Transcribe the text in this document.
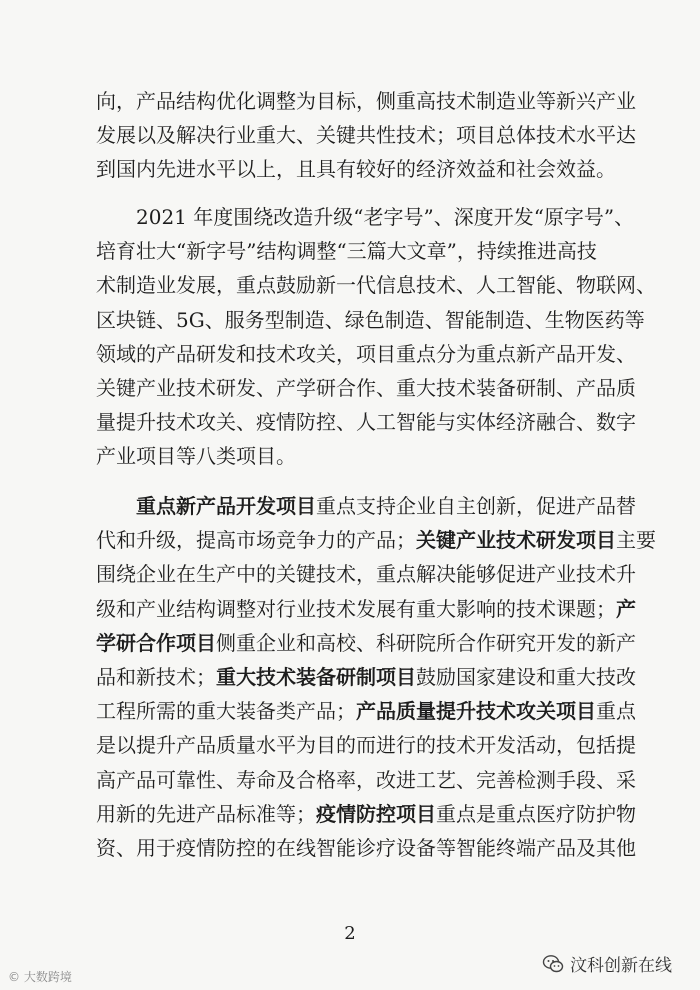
向，产品结构优化调整为目标，侧重高技术制造业等新兴产业
发展以及解决行业重大、关键共性技术；项目总体技术水平达
到国内先进水平以上，且具有较好的经济效益和社会效益。
2021 年度围绕改造升级“老字号”、深度开发“原字号”、
培育壮大“新字号”结构调整“三篇大文章”，持续推进高技
术制造业发展，重点鼓励新一代信息技术、人工智能、物联网、
区块链、5G、服务型制造、绿色制造、智能制造、生物医药等
领域的产品研发和技术攻关，项目重点分为重点新产品开发、
关键产业技术研发、产学研合作、重大技术装备研制、产品质
量提升技术攻关、疫情防控、人工智能与实体经济融合、数字
产业项目等八类项目。
重点新产品开发项目重点支持企业自主创新，促进产品替
代和升级，提高市场竞争力的产品；关键产业技术研发项目主要
围绕企业在生产中的关键技术，重点解决能够促进产业技术升
级和产业结构调整对行业技术发展有重大影响的技术课题；产
学研合作项目侧重企业和高校、科研院所合作研究开发的新产
品和新技术；重大技术装备研制项目鼓励国家建设和重大技改
工程所需的重大装备类产品；产品质量提升技术攻关项目重点
是以提升产品质量水平为目的而进行的技术开发活动，包括提
高产品可靠性、寿命及合格率，改进工艺、完善检测手段、采
用新的先进产品标准等；疫情防控项目重点是重点医疗防护物
资、用于疫情防控的在线智能诊疗设备等智能终端产品及其他
2
© 大数跨境
汶科创新在线
